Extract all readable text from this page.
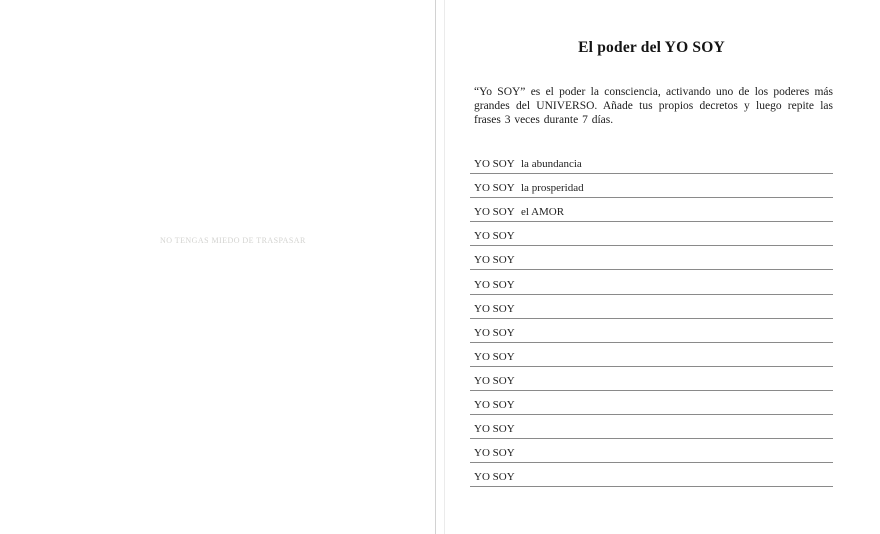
NO TENGAS MIEDO DE TRASPASAR
El poder del YO SOY
“Yo SOY” es el poder la consciencia, activando uno de los poderes más grandes del UNIVERSO. Añade tus propios decretos y luego repite las frases 3 veces durante 7 días.
YO SOY la abundancia
YO SOY la prosperidad
YO SOY el AMOR
YO SOY
YO SOY
YO SOY
YO SOY
YO SOY
YO SOY
YO SOY
YO SOY
YO SOY
YO SOY
YO SOY
